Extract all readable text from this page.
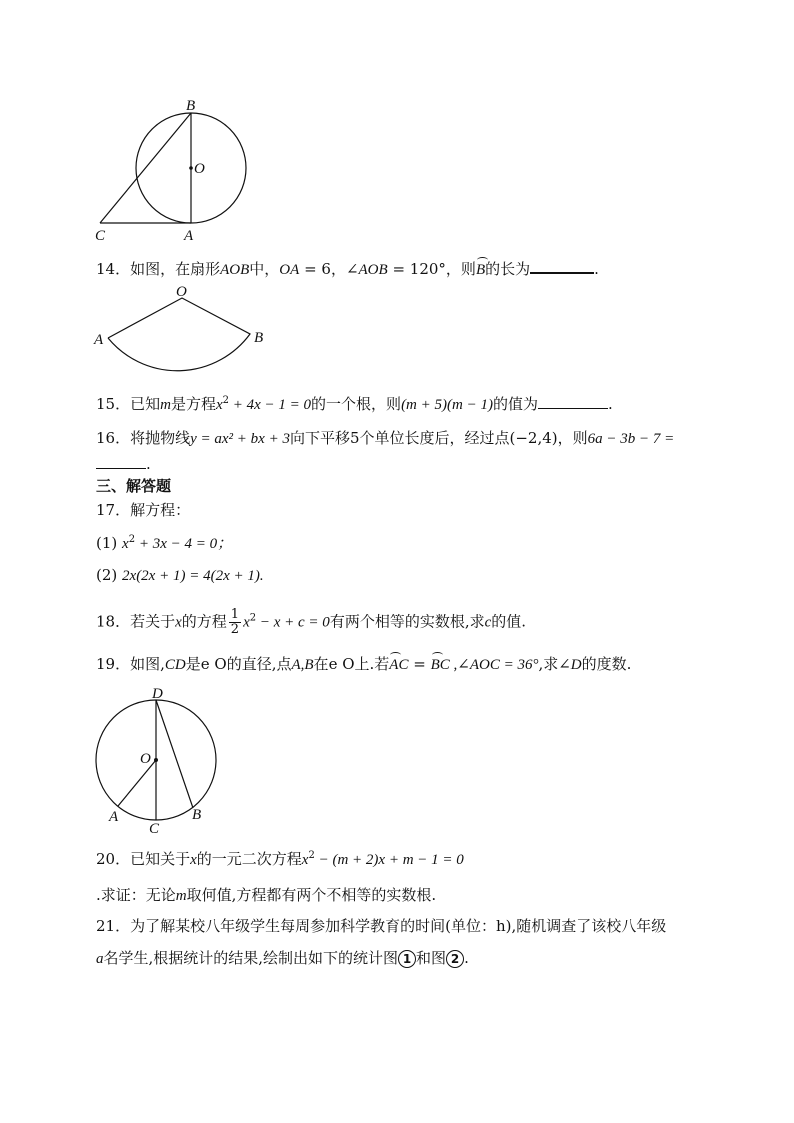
B
O
C	A
14．如图，在扇形AOB中，OA = 6，∠AOB = 120°，则B的长为	.
O
A	B
15．已知m是方程$x^2 + 4x - 1 = 0$的一个根，则(m + 5)(m − 1)的值为	.
16．将抛物线y = ax² + bx + 3向下平移5个单位长度后，经过点(−2,4)，则6a − 3b − 7 =
.
三、解答题
17．解方程：
(1) $x^2 + 3x - 4 = 0$；
(2) 2x(2x + 1) = 4(2x + 1).
18．若关于x的方程 $\frac{1}{2} x^2 - x + c = 0$有两个相等的实数根,求c的值.
19．如图,CD是e O的直径,点A,B在e O上.若AC = BC ,∠AOC = 36°,求∠D的度数.
D
O
A
C
B
20．已知关于x的一元二次方程$x^2 - (m + 2)x + m - 1 = 0$
.求证：无论m取何值,方程都有两个不相等的实数根.
21．为了解某校八年级学生每周参加科学教育的时间(单位：h),随机调查了该校八年级
a名学生,根据统计的结果,绘制出如下的统计图 1 和图 2 .
